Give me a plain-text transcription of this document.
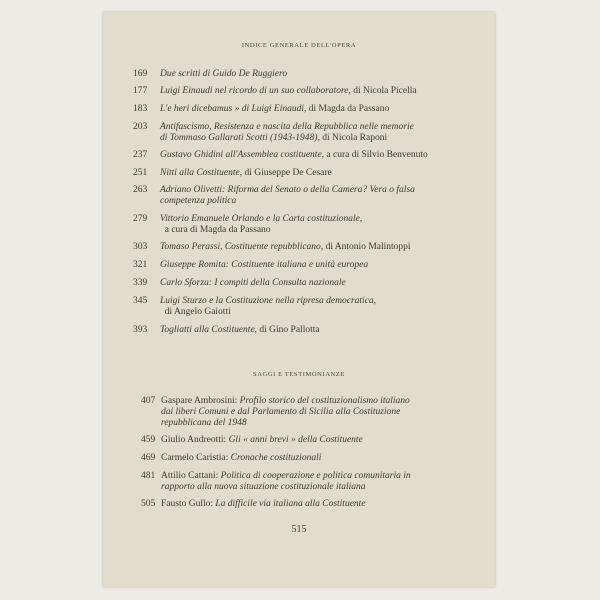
INDICE GENERALE DELL'OPERA
169	Due scritti di Guido De Ruggiero
177	Luigi Einaudi nel ricordo di un suo collaboratore, di Nicola Picella
183	L'e heri dicebamus » di Luigi Einaudi, di Magda da Passano
203	Antifascismo, Resistenza e nascita della Repubblica nelle memorie
di Tommaso Gallarati Scotti (1943-1948), di Nicola Raponi
237	Gustavo Ghidini all'Assemblea costituente, a cura di Silvio Benvenuto
251	Nitti alla Costituente, di Giuseppe De Cesare
263	Adriano Olivetti: Riforma del Senato o della Camera? Vera o falsa
competenza politica
279	Vittorio Emanuele Orlando e la Carta costituzionale,
a cura di Magda da Passano
303	Tomaso Perassi, Costituente repubblicano, di Antonio Malintoppi
321	Giuseppe Romita: Costituente italiana e unità europea
339	Carlo Sforza: I compiti della Consulta nazionale
345	Luigi Sturzo e la Costituzione nella ripresa democratica,
di Angelo Gaiotti
393	Togliatti alla Costituente, di Gino Pallotta
SAGGI E TESTIMONIANZE
407 Gaspare Ambrosini: Profilo storico del costituzionalismo italiano
dai liberi Comuni e dal Parlamento di Sicilia alla Costituzione
repubblicana del 1948
459 Giulio Andreotti: Gli « anni brevi » della Costituente
469 Carmelo Caristia: Cronache costituzionali
481 Attilio Cattani: Politica di cooperazione e politica comunitaria in
rapporto alla nuova situazione costituzionale italiana
505 Fausto Gullo: La difficile via italiana alla Costituente
515
